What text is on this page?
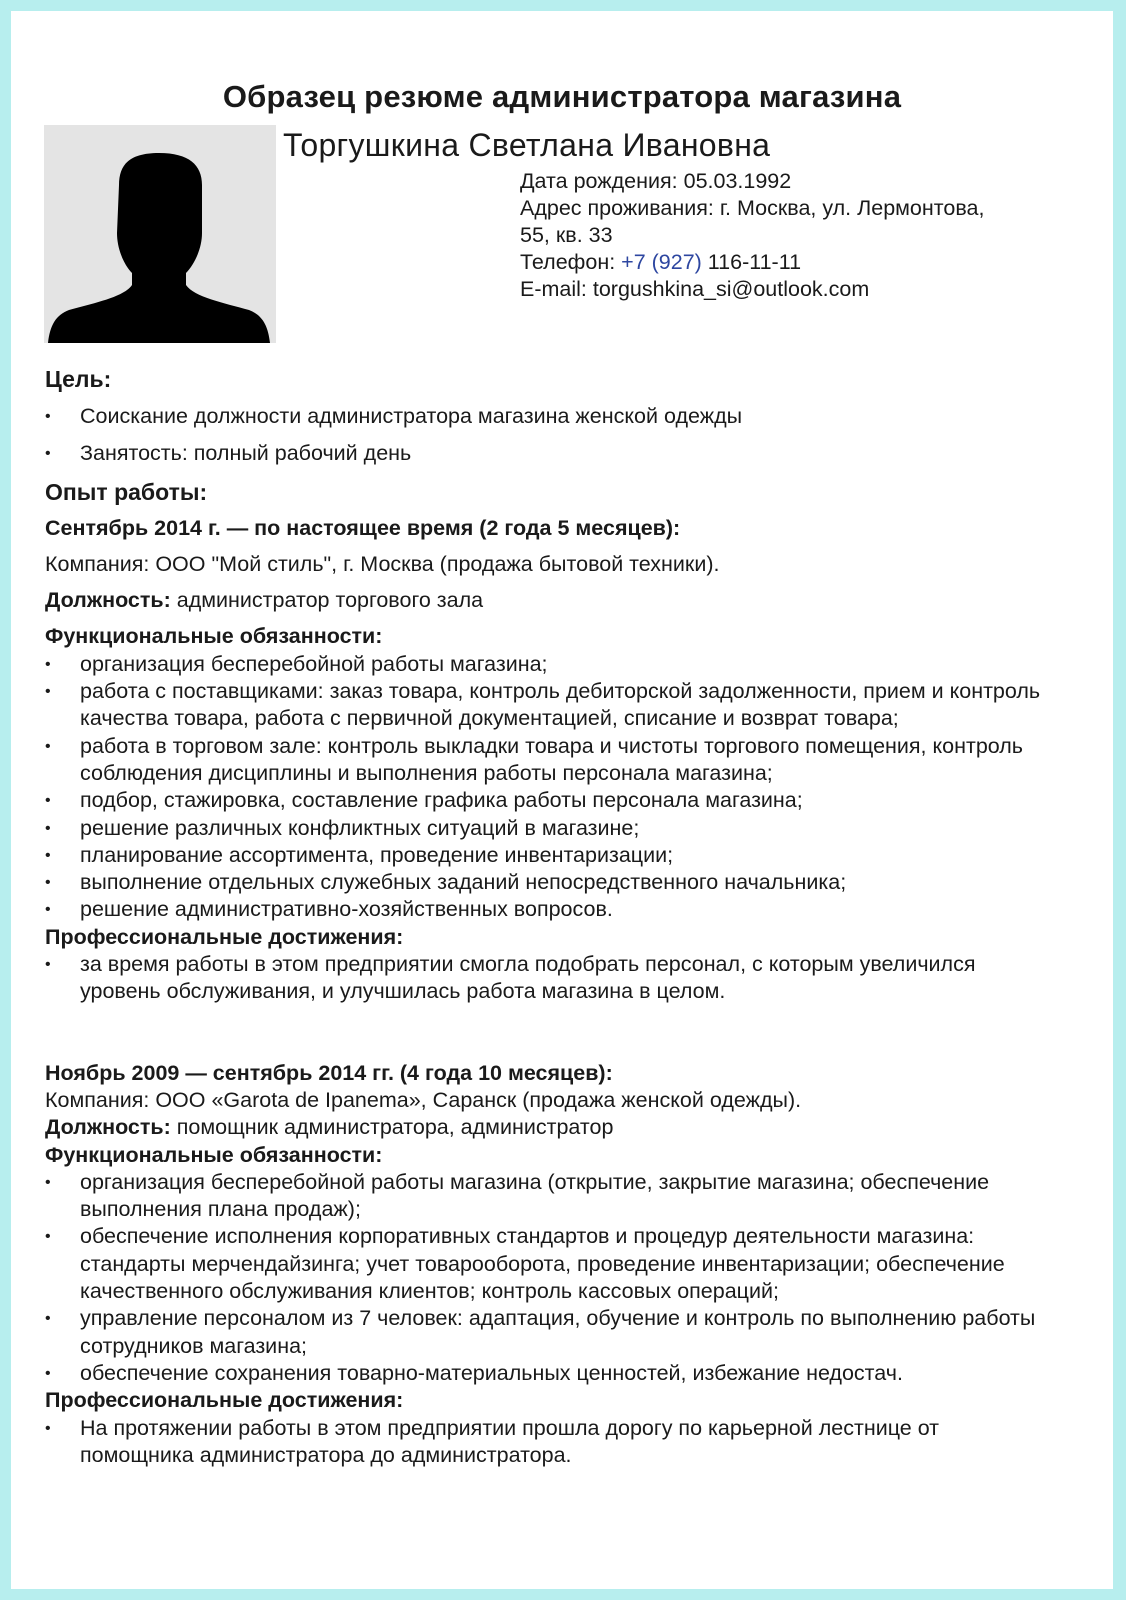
Образец резюме администратора магазина
Торгушкина Светлана Ивановна
Дата рождения: 05.03.1992
Адрес проживания: г. Москва, ул. Лермонтова,
55, кв. 33
Телефон: +7 (927) 116-11-11
E-mail: torgushkina_si@outlook.com
Цель:
• Соискание должности администратора магазина женской одежды
• Занятость: полный рабочий день
Опыт работы:
Сентябрь 2014 г. — по настоящее время (2 года 5 месяцев):
Компания: ООО "Мой стиль", г. Москва (продажа бытовой техники).
Должность: администратор торгового зала
Функциональные обязанности:
• организация бесперебойной работы магазина;
• работа с поставщиками: заказ товара, контроль дебиторской задолженности, прием и контроль качества товара, работа с первичной документацией, списание и возврат товара;
• работа в торговом зале: контроль выкладки товара и чистоты торгового помещения, контроль соблюдения дисциплины и выполнения работы персонала магазина;
• подбор, стажировка, составление графика работы персонала магазина;
• решение различных конфликтных ситуаций в магазине;
• планирование ассортимента, проведение инвентаризации;
• выполнение отдельных служебных заданий непосредственного начальника;
• решение административно-хозяйственных вопросов.
Профессиональные достижения:
• за время работы в этом предприятии смогла подобрать персонал, с которым увеличился уровень обслуживания, и улучшилась работа магазина в целом.
Ноябрь 2009 — сентябрь 2014 гг. (4 года 10 месяцев):
Компания: ООО «Garota de Ipanema», Саранск (продажа женской одежды).
Должность: помощник администратора, администратор
Функциональные обязанности:
• организация бесперебойной работы магазина (открытие, закрытие магазина; обеспечение выполнения плана продаж);
• обеспечение исполнения корпоративных стандартов и процедур деятельности магазина: стандарты мерчендайзинга; учет товарооборота, проведение инвентаризации; обеспечение качественного обслуживания клиентов; контроль кассовых операций;
• управление персоналом из 7 человек: адаптация, обучение и контроль по выполнению работы сотрудников магазина;
• обеспечение сохранения товарно-материальных ценностей, избежание недостач.
Профессиональные достижения:
• На протяжении работы в этом предприятии прошла дорогу по карьерной лестнице от помощника администратора до администратора.
